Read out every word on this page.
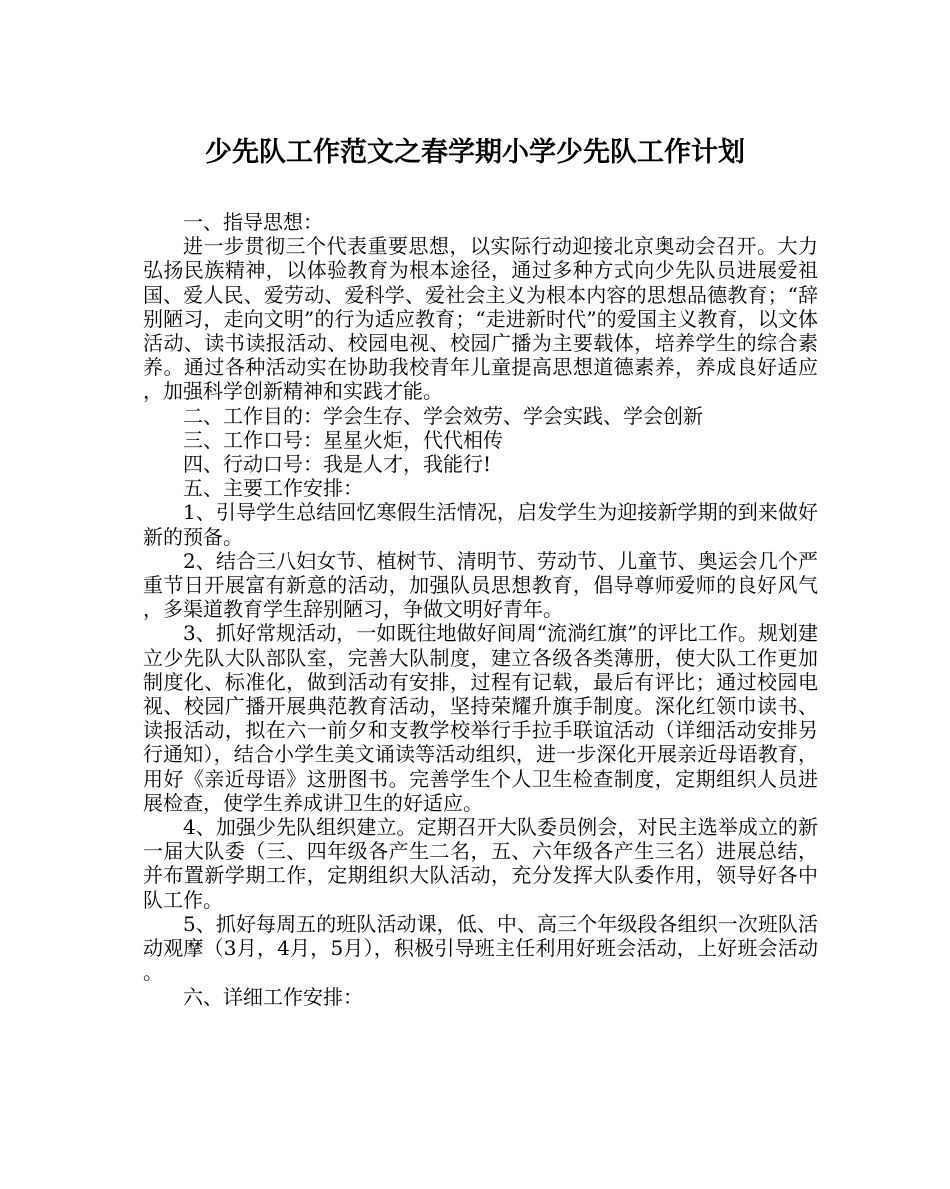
少先队工作范文之春学期小学少先队工作计划

一、指导思想：

进一步贯彻三个代表重要思想，以实际行动迎接北京奥动会召开。大力弘扬民族精神，以体验教育为根本途径，通过多种方式向少先队员进展爱祖国、爱人民、爱劳动、爱科学、爱社会主义为根本内容的思想品德教育；“辞别陋习，走向文明”的行为适应教育；“走进新时代”的爱国主义教育，以文体活动、读书读报活动、校园电视、校园广播为主要载体，培养学生的综合素养。通过各种活动实在协助我校青年儿童提高思想道德素养，养成良好适应，加强科学创新精神和实践才能。

二、工作目的：学会生存、学会效劳、学会实践、学会创新

三、工作口号：星星火炬，代代相传

四、行动口号：我是人才，我能行!

五、主要工作安排：

1、引导学生总结回忆寒假生活情况，启发学生为迎接新学期的到来做好新的预备。

2、结合三八妇女节、植树节、清明节、劳动节、儿童节、奥运会几个严重节日开展富有新意的活动，加强队员思想教育，倡导尊师爱师的良好风气，多渠道教育学生辞别陋习，争做文明好青年。

3、抓好常规活动，一如既往地做好间周“流淌红旗”的评比工作。规划建立少先队大队部队室，完善大队制度，建立各级各类薄册，使大队工作更加制度化、标准化，做到活动有安排，过程有记载，最后有评比；通过校园电视、校园广播开展典范教育活动，坚持荣耀升旗手制度。深化红领巾读书、读报活动，拟在六一前夕和支教学校举行手拉手联谊活动（详细活动安排另行通知），结合小学生美文诵读等活动组织，进一步深化开展亲近母语教育，用好《亲近母语》这册图书。完善学生个人卫生检查制度，定期组织人员进展检查，使学生养成讲卫生的好适应。

4、加强少先队组织建立。定期召开大队委员例会，对民主选举成立的新一届大队委（三、四年级各产生二名，五、六年级各产生三名）进展总结，并布置新学期工作，定期组织大队活动，充分发挥大队委作用，领导好各中队工作。

5、抓好每周五的班队活动课，低、中、高三个年级段各组织一次班队活动观摩（3月，4月，5月），积极引导班主任利用好班会活动，上好班会活动。

六、详细工作安排：
